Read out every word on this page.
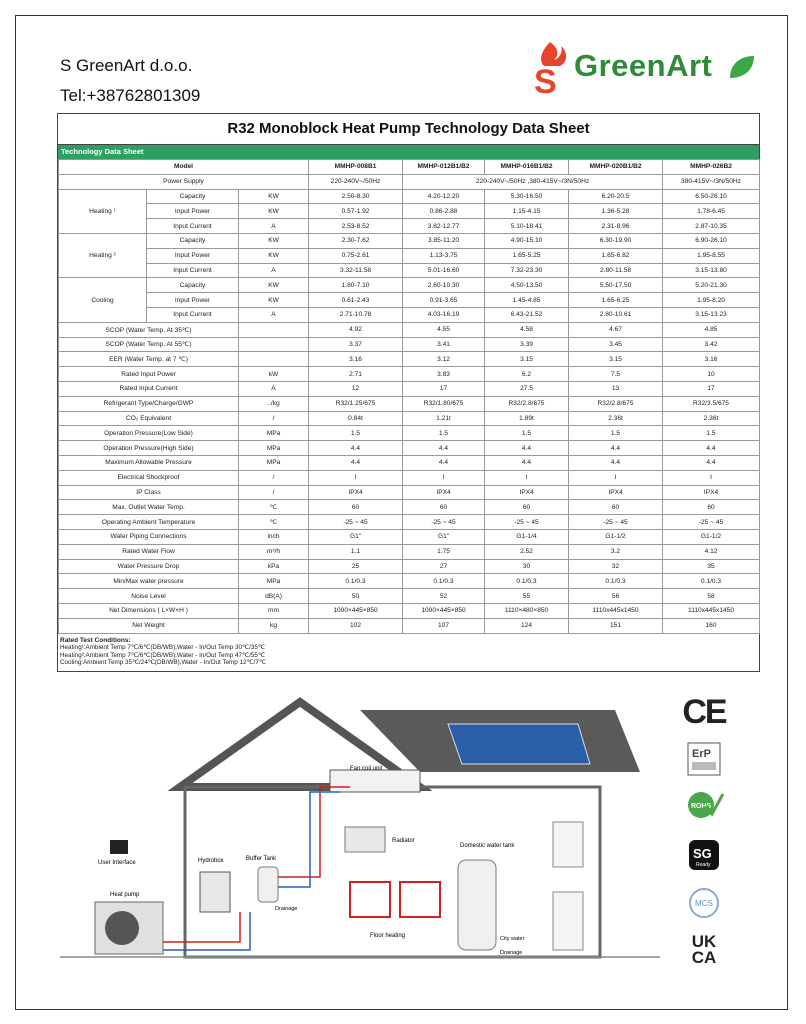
S GreenArt d.o.o.
Tel:+38762801309	S GreenArt
R32 Monoblock Heat Pump Technology Data Sheet
Technology Data Sheet
Model			MMHP-008B1	MMHP-012B1/B2	MMHP-016B1/B2	MMHP-020B1/B2	MMHP-026B2
Power Supply			220-240V~/50Hz	220-240V~/50Hz ,380-415V~/3N/50Hz			380-415V~/3N/50Hz
Heating ¹	Capacity	KW	2.50-8.30	4.20-12.20	5.30-16.50	6.20-20.5	6.50-26.10
	Input Power	KW	0.57-1.92	0.86-2.88	1.15-4.15	1.36-5.28	1.78-6.45
	Input Current	A	2.53-8.52	3.82-12.77	5.10-18.41	2.31-8.96	2.87-10.35
Heating ²	Capacity	KW	2.30-7.62	3.85-11.20	4.90-15.10	6.30-19.90	6.90-26.10
	Input Power	KW	0.75-2.61	1.13-3.75	1.65-5.25	1.65-6.82	1.95-8.55
	Input Current	A	3.32-11.58	5.01-16.60	7.32-23.30	2.80-11.58	3.15-13.80
Cooling	Capacity	KW	1.80-7.10	2.60-10.30	4.50-13.50	5.50-17.50	5.20-21.30
	Input Power	KW	0.61-2.43	0.91-3.65	1.45-4.85	1.65-6.25	1.95-8.20
	Input Current	A	2.71-10.78	4.03-16.19	6.43-21.52	2.80-10.61	3.15-13.23
SCOP (Water Temp. At 35℃)			4.92	4.55	4.58	4.67	4.85
SCOP (Water Temp. At 55℃)			3.37	3.41	3.39	3.45	3.42
EER (Water Temp. at 7 ℃)			3.16	3.12	3.15	3.15	3.16
Rated Input Power		kW	2.71	3.83	6.2	7.5	10
Rated Input Current		A	12	17	27.5	13	17
Refrigerant Type/Charge/GWP		../kg	R32/1.25/675	R32/1.80/675	R32/2.8/675	R32/2.8/675	R32/3.5/675
CO₂ Equivalent		/	0.84t	1.21t	1.89t	2.36t	2.36t
Operation Pressure(Low Side)		MPa	1.5	1.5	1.5	1.5	1.5
Operation Pressure(High Side)		MPa	4.4	4.4	4.4	4.4	4.4
Maximum Allowable Pressure		MPa	4.4	4.4	4.4	4.4	4.4
Electrical Shockproof		/	I	I	I	I	I
IP Class		/	IPX4	IPX4	IPX4	IPX4	IPX4
Max. Outlet Water Temp.		℃	60	60	60	60	60
Operating Ambient Temperature		℃	-25 ~ 45	-25 ~ 45	-25 ~ 45	-25 ~ 45	-25 ~ 45
Water Piping Connections		inch	G1"	G1"	G1-1/4	G1-1/2	G1-1/2
Rated Water Flow		m³/h	1.1	1.75	2.52	3.2	4.12
Water Pressure Drop		kPa	25	27	30	32	35
Min/Max water pressure		MPa	0.1/0.3	0.1/0.3	0.1/0.3	0.1/0.3	0.1/0.3
Noise Level		dB(A)	50	52	55	56	58
Net Dimensions ( L×W×H )		mm	1000×445×850	1000×445×850	1110×480×850	1110x445x1450	1110x445x1450
Net Weight		kg	102	107	124	151	160
Rated Test Conditions:
Heating¹:Ambient Temp 7℃/6℃(DB/WB),Water - In/Out Temp 30℃/35℃
Heating²:Ambient Temp 7℃/6℃(DB/WB),Water - In/Out Temp 47℃/55℃
Cooling:Ambient Temp 35℃/24℃(DB/WB),Water - In/Out Temp 12℃/7℃
Fan coil unit
Radiator
Floor heating
Domestic water tank
City water
Drainage
Buffer Tank
Drainage
Hydrobox
User Interface
Heat pump
CE
ErP
ROHS
SG
Ready
MCS
UK
CA
